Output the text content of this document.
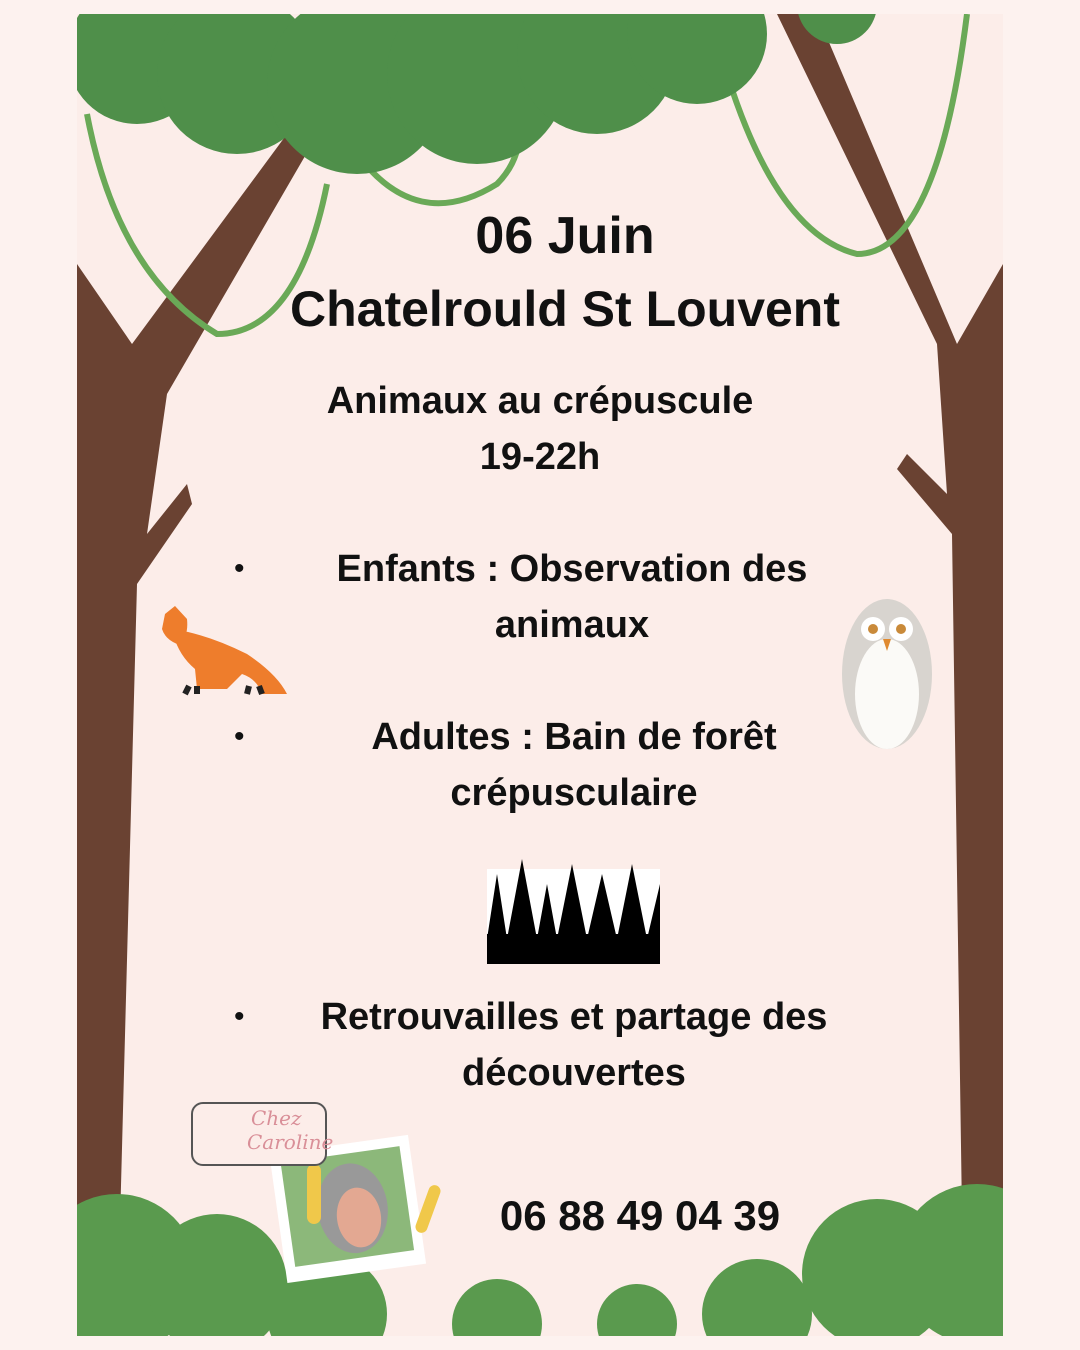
Chez
Caroline
06 Juin
Chatelrould St Louvent
Animaux au crépuscule
19-22h
•	Enfants : Observation des
animaux
•	Adultes : Bain de forêt
crépusculaire
•	Retrouvailles et partage des
découvertes
06 88 49 04 39
